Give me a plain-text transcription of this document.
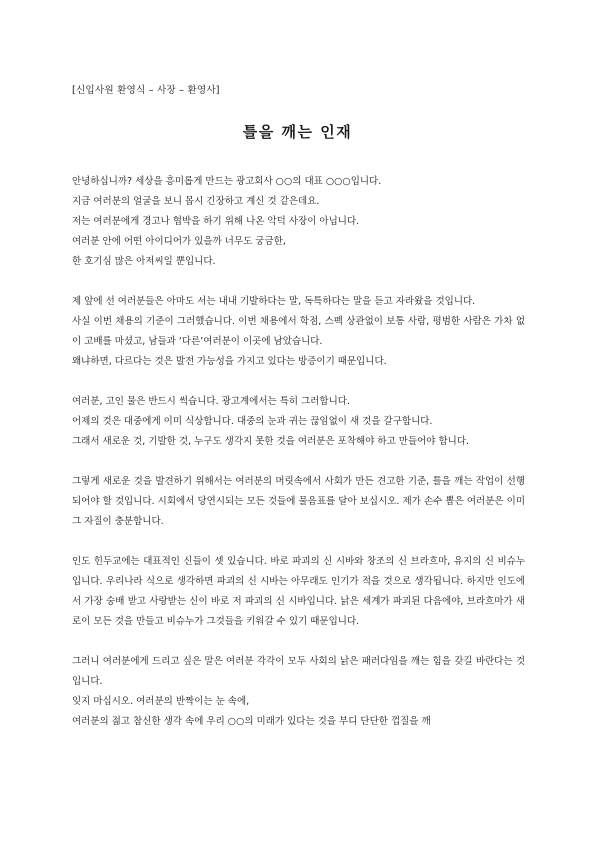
[신입사원 환영식 – 사장 – 환영사]
틀을 깨는 인재
안녕하십니까? 세상을 흥미롭게 만드는 광고회사 ○○의 대표 ○○○입니다.
지금 여러분의 얼굴을 보니 몹시 긴장하고 계신 것 같은데요.
저는 여러분에게 경고나 협박을 하기 위해 나온 악덕 사장이 아닙니다.
여러분 안에 어떤 아이디어가 있을까 너무도 궁금한,
한 호기심 많은 아저씨일 뿐입니다.
제 앞에 선 여러분들은 아마도 서는 내내 기발하다는 말, 독특하다는 말을 듣고 자라왔을 것입니다.
사실 이번 채용의 기준이 그러했습니다. 이번 채용에서 학점, 스펙 상관없이 보통 사람, 평범한 사람은 가차 없이 고배를 마셨고, 남들과 ‘다른’여러분이 이곳에 남았습니다.
왜냐하면, 다르다는 것은 발전 가능성을 가지고 있다는 방증이기 때문입니다.
여러분, 고인 물은 반드시 썩습니다. 광고계에서는 특히 그러합니다.
어제의 것은 대중에게 이미 식상합니다. 대중의 눈과 귀는 끊임없이 새 것을 갈구합니다.
그래서 새로운 것, 기발한 것, 누구도 생각지 못한 것을 여러분은 포착해야 하고 만들어야 합니다.
그렇게 새로운 것을 발견하기 위해서는 여러분의 머릿속에서 사회가 만든 견고한 기준, 틀을 깨는 작업이 선행되어야 할 것입니다. 시회에서 당연시되는 모든 것들에 물음표를 달아 보십시오. 제가 손수 뽑은 여러분은 이미 그 자질이 충분합니다.
인도 힌두교에는 대표적인 신들이 셋 있습니다. 바로 파괴의 신 시바와 창조의 신 브라흐마, 유지의 신 비슈누입니다. 우리나라 식으로 생각하면 파괴의 신 시바는 아무래도 인기가 적을 것으로 생각됩니다. 하지만 인도에서 가장 숭배 받고 사랑받는 신이 바로 저 파괴의 신 시바입니다. 낡은 세계가 파괴된 다음에야, 브라흐마가 새로이 모든 것을 만들고 비슈누가 그것들을 키워갈 수 있기 때문입니다.
그러니 여러분에게 드리고 싶은 말은 여러분 각각이 모두 사회의 낡은 패러다임을 깨는 힘을 갖길 바란다는 것입니다.
잊지 마십시오. 여러분의 반짝이는 눈 속에,
여러분의 젊고 참신한 생각 속에 우리 ○○의 미래가 있다는 것을 부디 단단한 껍질을 깨
